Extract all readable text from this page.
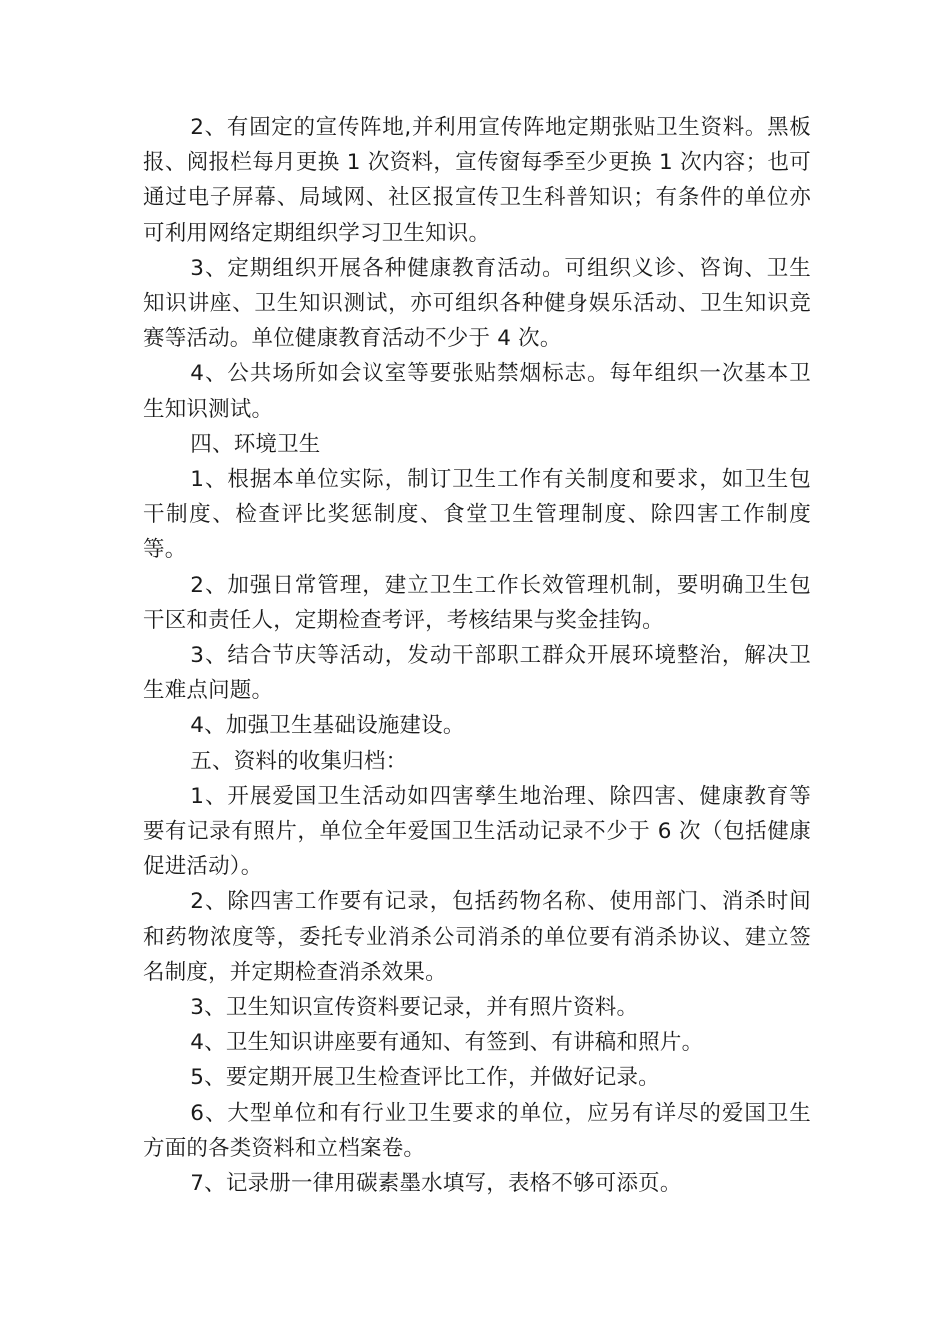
2、有固定的宣传阵地,并利用宣传阵地定期张贴卫生资料。黑板报、阅报栏每月更换 1 次资料，宣传窗每季至少更换 1 次内容；也可通过电子屏幕、局域网、社区报宣传卫生科普知识；有条件的单位亦可利用网络定期组织学习卫生知识。

3、定期组织开展各种健康教育活动。可组织义诊、咨询、卫生知识讲座、卫生知识测试，亦可组织各种健身娱乐活动、卫生知识竞赛等活动。单位健康教育活动不少于 4 次。

4、公共场所如会议室等要张贴禁烟标志。每年组织一次基本卫生知识测试。

四、环境卫生

1、根据本单位实际，制订卫生工作有关制度和要求，如卫生包干制度、检查评比奖惩制度、食堂卫生管理制度、除四害工作制度等。

2、加强日常管理，建立卫生工作长效管理机制，要明确卫生包干区和责任人，定期检查考评，考核结果与奖金挂钩。

3、结合节庆等活动，发动干部职工群众开展环境整治，解决卫生难点问题。

4、加强卫生基础设施建设。

五、资料的收集归档：

1、开展爱国卫生活动如四害孳生地治理、除四害、健康教育等要有记录有照片，单位全年爱国卫生活动记录不少于 6 次（包括健康促进活动）。

2、除四害工作要有记录，包括药物名称、使用部门、消杀时间和药物浓度等，委托专业消杀公司消杀的单位要有消杀协议、建立签名制度，并定期检查消杀效果。

3、卫生知识宣传资料要记录，并有照片资料。

4、卫生知识讲座要有通知、有签到、有讲稿和照片。

5、要定期开展卫生检查评比工作，并做好记录。

6、大型单位和有行业卫生要求的单位，应另有详尽的爱国卫生方面的各类资料和立档案卷。

7、记录册一律用碳素墨水填写，表格不够可添页。
